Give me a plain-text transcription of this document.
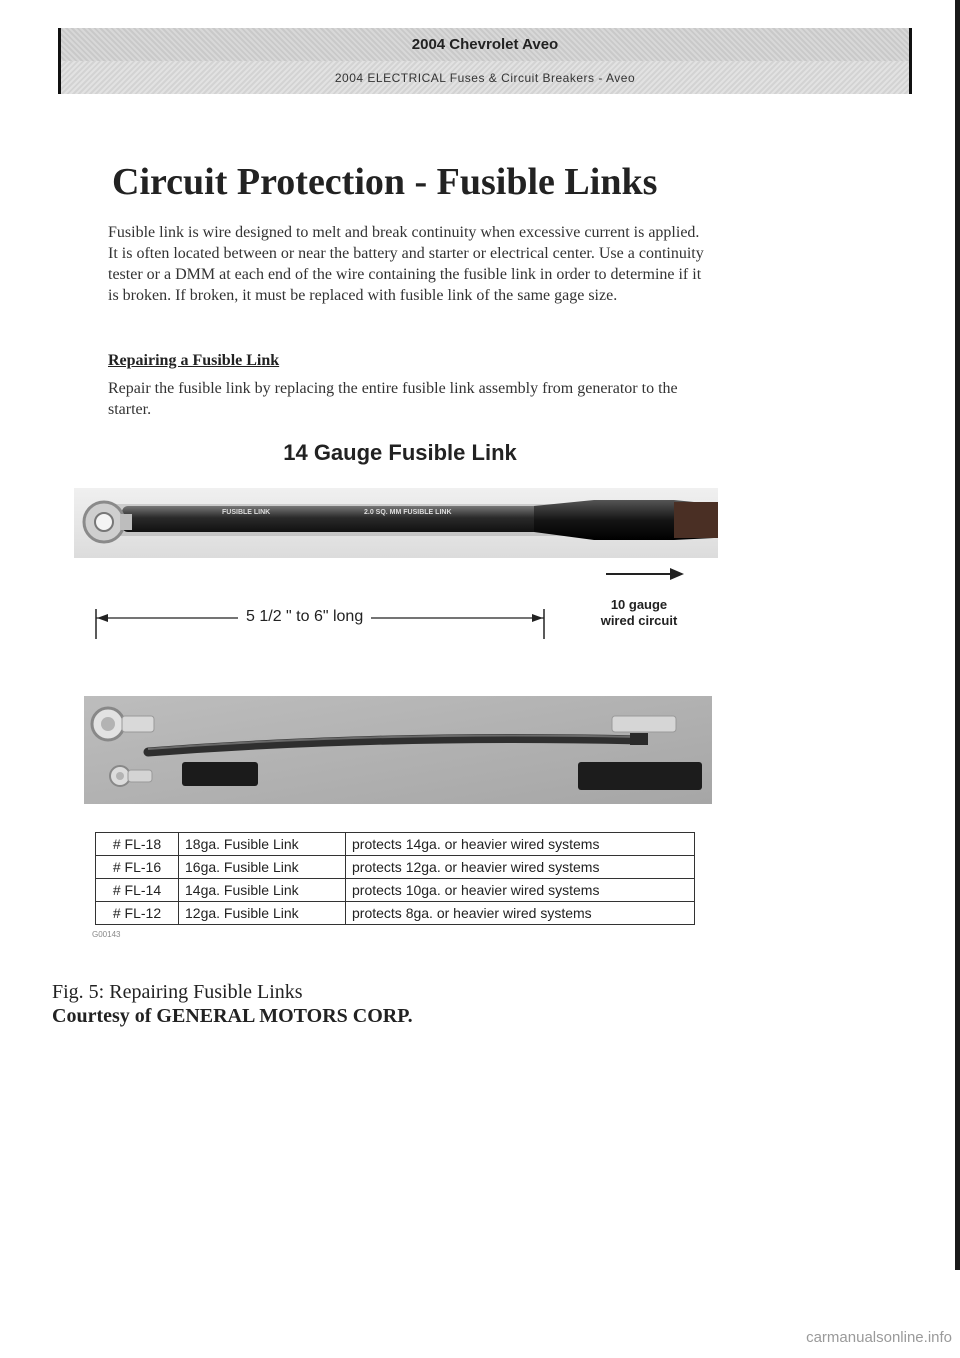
2004 Chevrolet Aveo
2004 ELECTRICAL Fuses & Circuit Breakers - Aveo
Circuit Protection - Fusible Links

Fusible link is wire designed to melt and break continuity when excessive current is applied. It is often located between or near the battery and starter or electrical center. Use a continuity tester or a DMM at each end of the wire containing the fusible link in order to determine if it is broken. If broken, it must be replaced with fusible link of the same gage size.

Repairing a Fusible Link

Repair the fusible link by replacing the entire fusible link assembly from generator to the starter.

14 Gauge Fusible Link
FUSIBLE LINK	2.0 SQ. MM FUSIBLE LINK
10 gauge wired circuit
5 1/2 " to 6" long
# FL-18	18ga. Fusible Link	protects 14ga. or heavier wired systems
# FL-16	16ga. Fusible Link	protects 12ga. or heavier wired systems
# FL-14	14ga. Fusible Link	protects 10ga. or heavier wired systems
# FL-12	12ga. Fusible Link	protects 8ga. or heavier wired systems
G00143
Fig. 5: Repairing Fusible Links
Courtesy of GENERAL MOTORS CORP.
carmanualsonline.info
